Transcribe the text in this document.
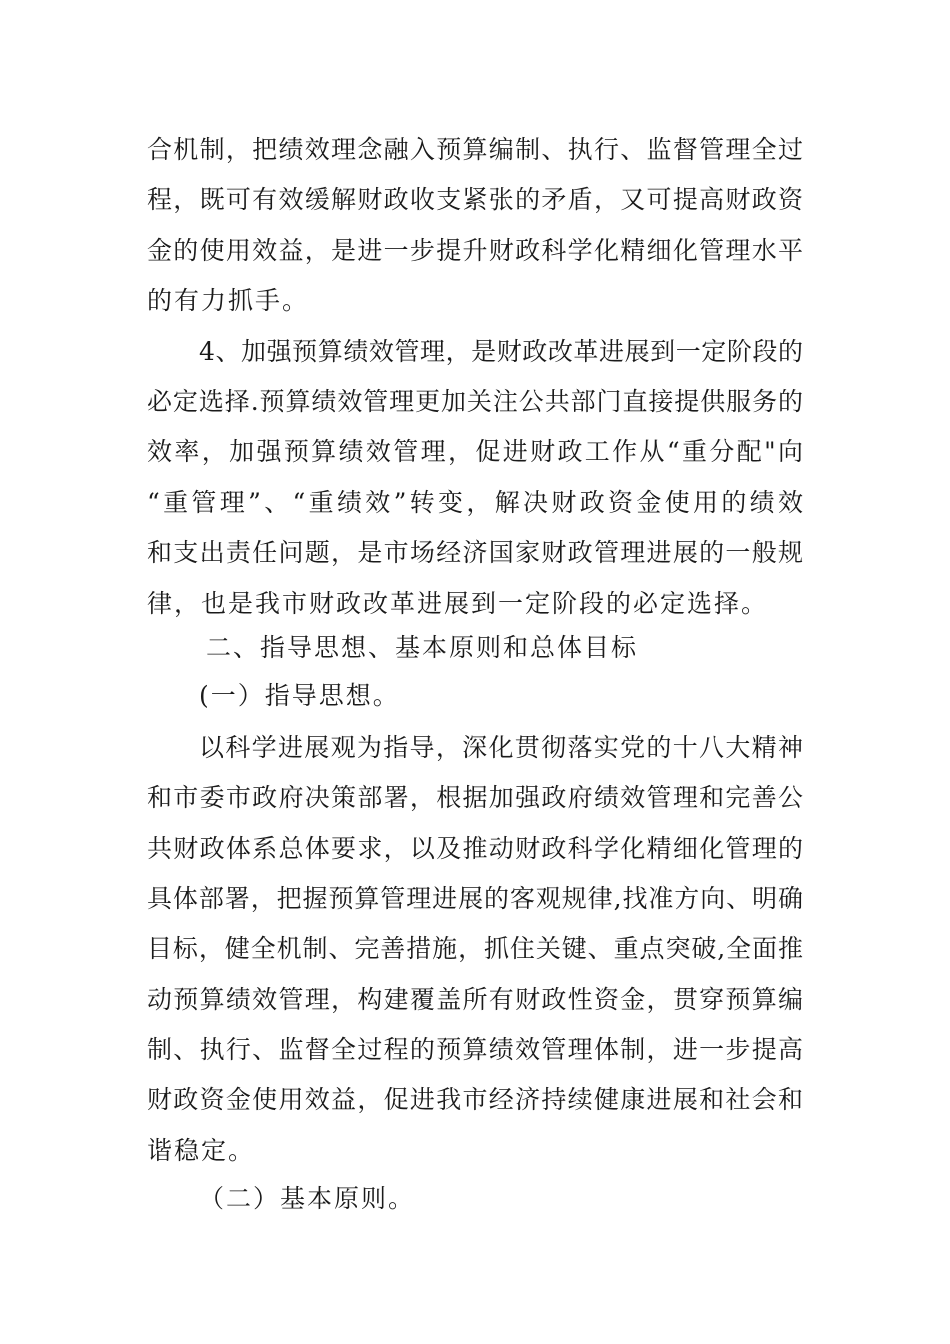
合机制，把绩效理念融入预算编制、执行、监督管理全过
程，既可有效缓解财政收支紧张的矛盾，又可提高财政资
金的使用效益，是进一步提升财政科学化精细化管理水平
的有力抓手。
4、加强预算绩效管理，是财政改革进展到一定阶段的
必定选择.预算绩效管理更加关注公共部门直接提供服务的
效率，加强预算绩效管理，促进财政工作从“重分配"向
“重管理”、“重绩效”转变，解决财政资金使用的绩效
和支出责任问题，是市场经济国家财政管理进展的一般规
律，也是我市财政改革进展到一定阶段的必定选择。
二、指导思想、基本原则和总体目标
(一）指导思想。
以科学进展观为指导，深化贯彻落实党的十八大精神
和市委市政府决策部署，根据加强政府绩效管理和完善公
共财政体系总体要求，以及推动财政科学化精细化管理的
具体部署，把握预算管理进展的客观规律,找准方向、明确
目标，健全机制、完善措施，抓住关键、重点突破,全面推
动预算绩效管理，构建覆盖所有财政性资金，贯穿预算编
制、执行、监督全过程的预算绩效管理体制，进一步提高
财政资金使用效益，促进我市经济持续健康进展和社会和
谐稳定。
（二）基本原则。
